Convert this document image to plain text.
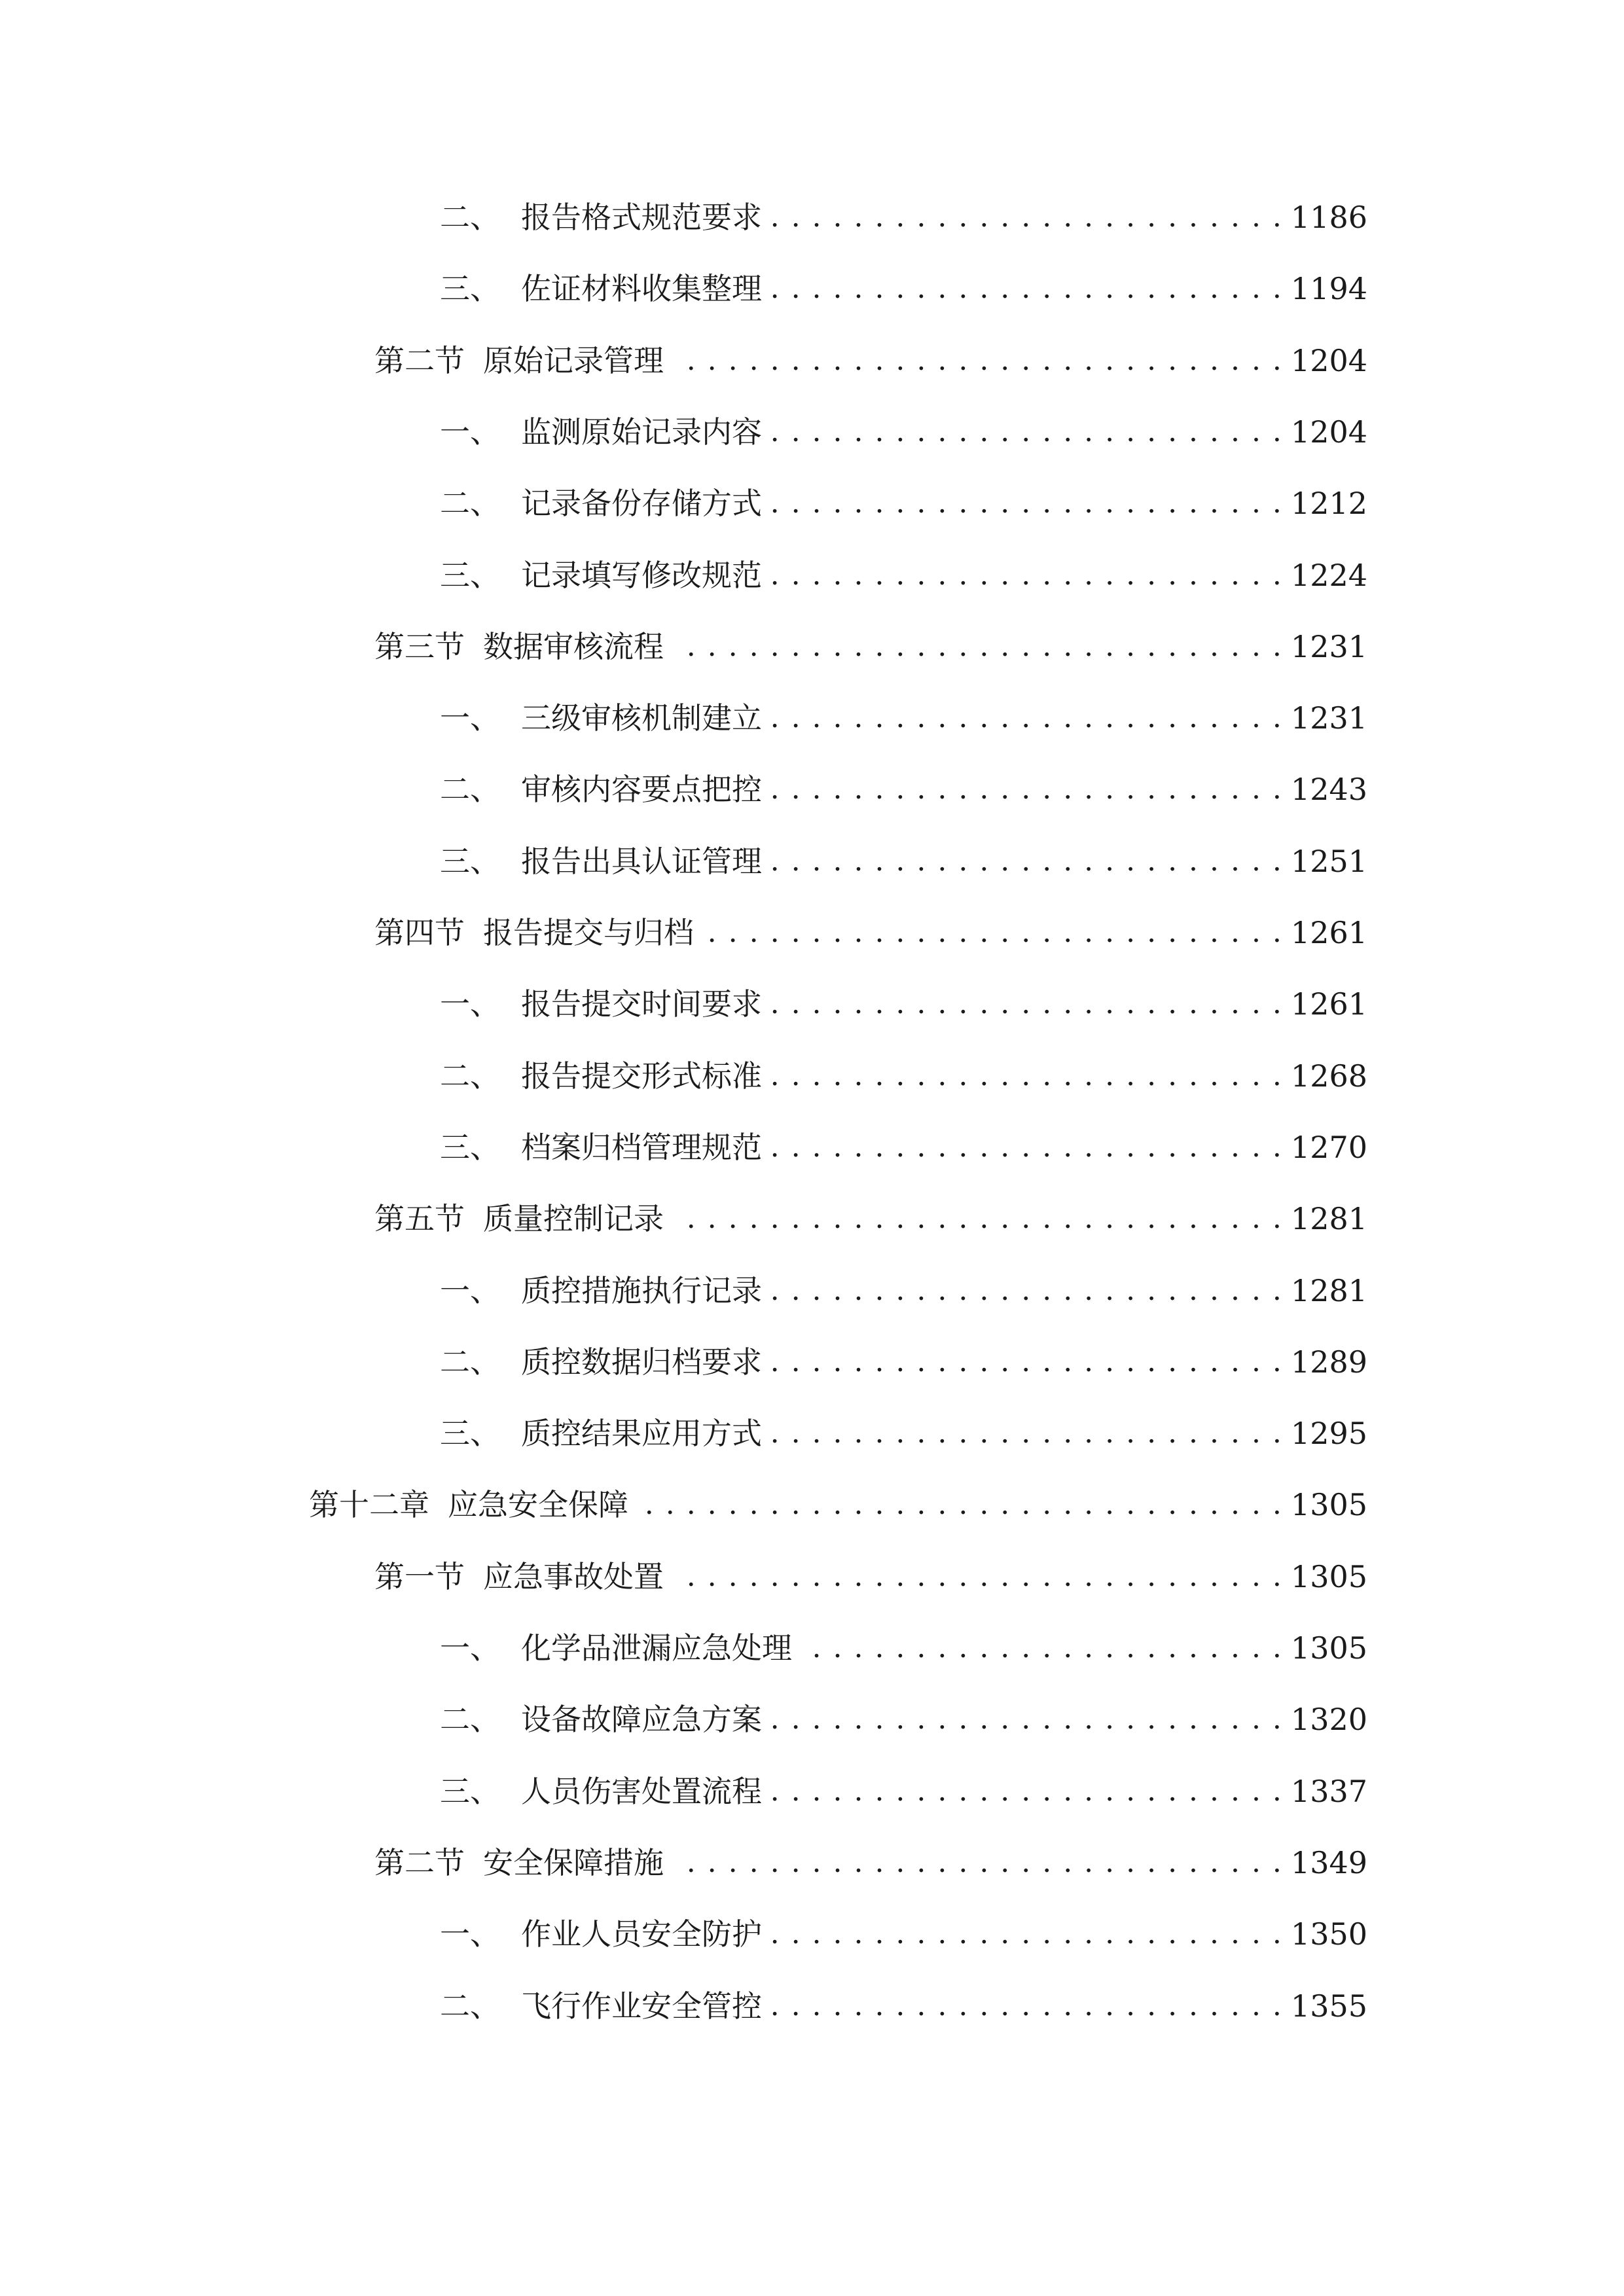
二、 报告格式规范要求 . . .	1186
三、 佐证材料收集整理 . . .	1194
第二节 原始记录管理 . . .	1204
一、 监测原始记录内容 . . .	1204
二、 记录备份存储方式 . . .	1212
三、 记录填写修改规范 . . .	1224
第三节 数据审核流程 . . .	1231
一、 三级审核机制建立 . . .	1231
二、 审核内容要点把控 . . .	1243
三、 报告出具认证管理 . . .	1251
第四节 报告提交与归档 . . .	1261
一、 报告提交时间要求 . . .	1261
二、 报告提交形式标准 . . .	1268
三、 档案归档管理规范 . . .	1270
第五节 质量控制记录 . . .	1281
一、 质控措施执行记录 . . .	1281
二、 质控数据归档要求 . . .	1289
三、 质控结果应用方式 . . .	1295
第十二章 应急安全保障 . . .	1305
第一节 应急事故处置 . . .	1305
一、 化学品泄漏应急处理 . . .	1305
二、 设备故障应急方案 . . .	1320
三、 人员伤害处置流程 . . .	1337
第二节 安全保障措施 . . .	1349
一、 作业人员安全防护 . . .	1350
二、 飞行作业安全管控 . . .	1355
